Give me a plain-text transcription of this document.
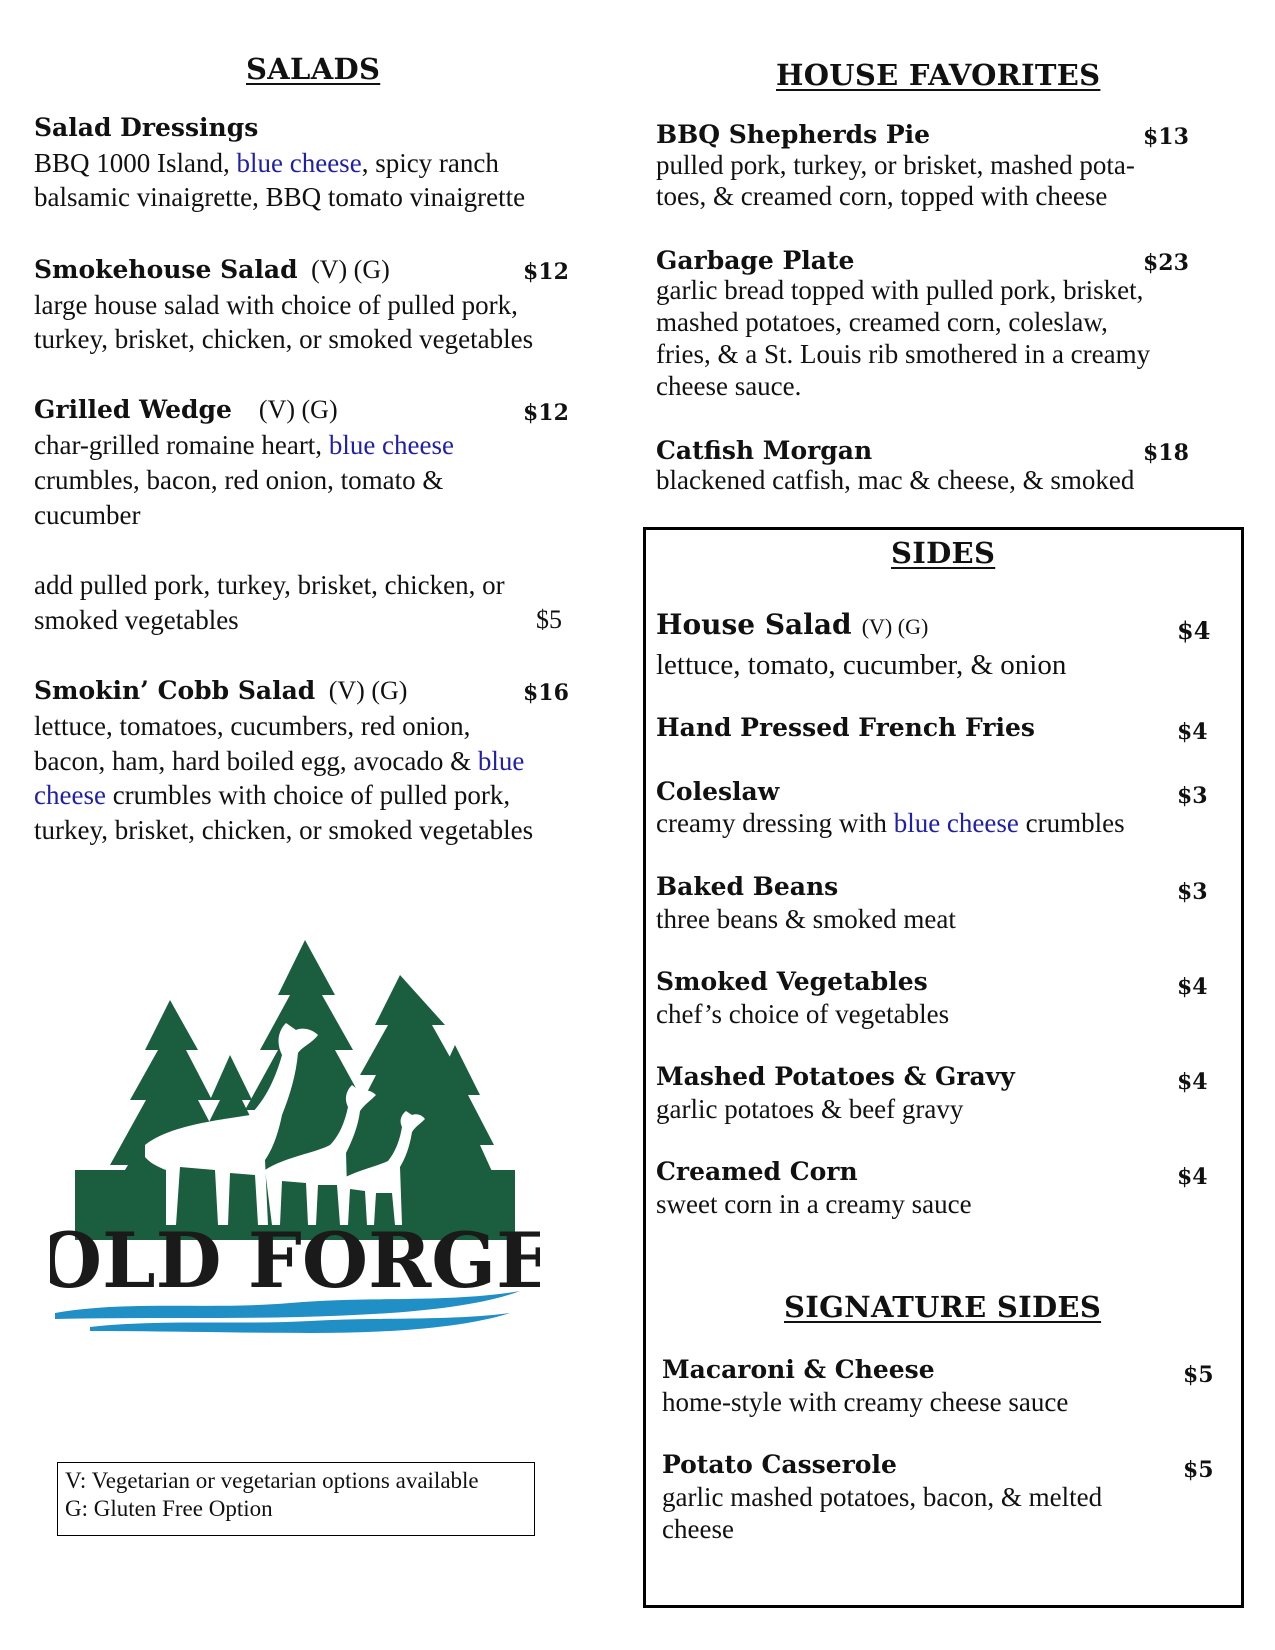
SALADS
Salad Dressings
BBQ 1000 Island, blue cheese, spicy ranch
balsamic vinaigrette, BBQ tomato vinaigrette
Smokehouse Salad (V) (G)	$12
large house salad with choice of pulled pork,
turkey, brisket, chicken, or smoked vegetables
Grilled Wedge (V) (G)	$12
char-grilled romaine heart, blue cheese
crumbles, bacon, red onion, tomato &
cucumber
add pulled pork, turkey, brisket, chicken, or
smoked vegetables	$5
Smokin’ Cobb Salad (V) (G)	$16
lettuce, tomatoes, cucumbers, red onion,
bacon, ham, hard boiled egg, avocado & blue
cheese crumbles with choice of pulled pork,
turkey, brisket, chicken, or smoked vegetables
OLD FORGE
V: Vegetarian or vegetarian options available
G: Gluten Free Option
HOUSE FAVORITES
BBQ Shepherds Pie	$13
pulled pork, turkey, or brisket, mashed pota-
toes, & creamed corn, topped with cheese
Garbage Plate	$23
garlic bread topped with pulled pork, brisket,
mashed potatoes, creamed corn, coleslaw,
fries, & a St. Louis rib smothered in a creamy
cheese sauce.
Catfish Morgan	$18
blackened catfish, mac & cheese, & smoked
SIDES
House Salad (V) (G)	$4
lettuce, tomato, cucumber, & onion
Hand Pressed French Fries	$4
Coleslaw	$3
creamy dressing with blue cheese crumbles
Baked Beans	$3
three beans & smoked meat
Smoked Vegetables	$4
chef’s choice of vegetables
Mashed Potatoes & Gravy	$4
garlic potatoes & beef gravy
Creamed Corn	$4
sweet corn in a creamy sauce
SIGNATURE SIDES
Macaroni & Cheese	$5
home-style with creamy cheese sauce
Potato Casserole	$5
garlic mashed potatoes, bacon, & melted
cheese
